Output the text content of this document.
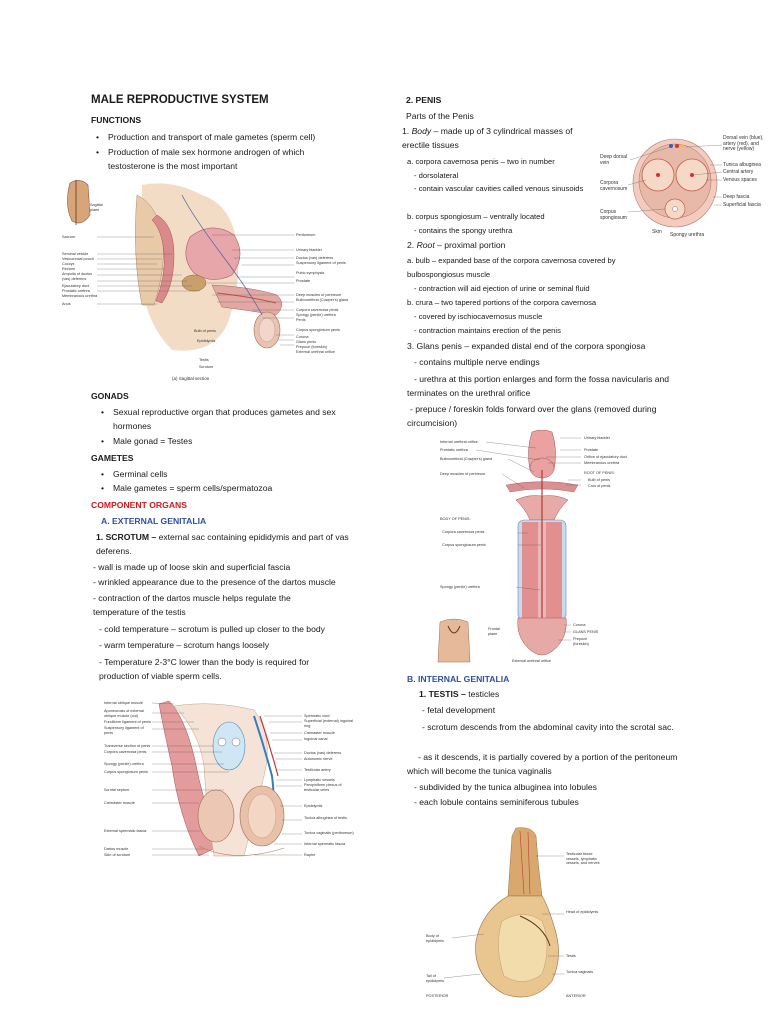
MALE REPRODUCTIVE SYSTEM
FUNCTIONS
• Production and transport of male gametes (sperm cell)
• Production of male sex hormone androgen of which testosterone is the most important
Sagittal plane
Sacrum
Seminal vesicle
Vesicorectal pouch
Coccyx
Rectum
Ampulla of ductus (vas) deferens
Ejaculatory duct
Prostatic urethra
Membranous urethra
Anus
Peritoneum
Urinary bladder
Ductus (vas) deferens
Suspensory ligament of penis
Pubic symphysis
Prostate
Deep muscles of perineum
Bulbourethral (Cowper's) gland
Corpora cavernosa penis
Spongy (penile) urethra
Penis
Corpus spongiosum penis
Corona
Glans penis
Prepuce (foreskin)
External urethral orifice
Bulb of penis
Epididymis
Testis
Scrotum
(a) Sagittal section
GONADS
• Sexual reproductive organ that produces gametes and sex hormones
• Male gonad = Testes
GAMETES
• Germinal cells
• Male gametes = sperm cells/spermatozoa
COMPONENT ORGANS
A. EXTERNAL GENITALIA
1. SCROTUM – external sac containing epididymis and part of vas deferens.
- wall is made up of loose skin and superficial fascia
- wrinkled appearance due to the presence of the dartos muscle
- contraction of the dartos muscle helps regulate the temperature of the testis
- cold temperature – scrotum is pulled up closer to the body
- warm temperature – scrotum hangs loosely
- Temperature 2-3°C lower than the body is required for production of viable sperm cells.
Internal oblique muscle
Aponeurosis of external oblique muscle (cut)
Fundiform ligament of penis
Suspensory ligament of penis
Transverse section of penis
Corpora cavernosa penis
Spongy (penile) urethra
Corpus spongiosum penis
Scrotal septum
Cremaster muscle
External spermatic fascia
Dartos muscle
Skin of scrotum
Spermatic cord
Superficial (external) inguinal ring
Cremaster muscle
Inguinal canal
Ductus (vas) deferens
Autonomic nerve
Testicular artery
Lymphatic vessels
Pampiniform plexus of testicular veins
Epididymis
Tunica albuginea of testis
Tunica vaginalis (peritoneum)
Internal spermatic fascia
Raphe
2. PENIS
Parts of the Penis
1. Body – made up of 3 cylindrical masses of erectile tissues
a. corpora cavernosa penis – two in number
- dorsolateral
- contain vascular cavities called venous sinusoids
b. corpus spongiosum – ventrally located
- contains the spongy urethra
2. Root – proximal portion
a. bulb – expanded base of the corpora cavernosa covered by bulbospongiosus muscle
- contraction will aid ejection of urine or seminal fluid
b. crura – two tapered portions of the corpora cavernosa
- covered by ischiocavernosus muscle
- contraction maintains erection of the penis
3. Glans penis – expanded distal end of the corpora spongiosa
- contains multiple nerve endings
- urethra at this portion enlarges and form the fossa navicularis and terminates on the urethral orifice
- prepuce / foreskin folds forward over the glans (removed during circumcision)
Deep dorsal vein
Corpora cavernosum
Corpus spongiosum
Dorsal vein (blue), artery (red), and nerve (yellow)
Tunica albuginea
Central artery
Venous spaces
Deep fascia
Superficial fascia
Skin Spongy urethra
Internal urethral orifice
Prostatic urethra
Bulbourethral (Cowper's) gland
Deep muscles of perineum
BODY OF PENIS:
Corpora cavernosa penis
Corpus spongiosum penis
Spongy (penile) urethra
Frontal plane
Urinary bladder
Prostate
Orifice of ejaculatory duct
Membranous urethra
ROOT OF PENIS:
Bulb of penis
Crus of penis
Corona
GLANS PENIS
Prepuce (foreskin)
External urethral orifice
B. INTERNAL GENITALIA
1. TESTIS – testicles
- fetal development
- scrotum descends from the abdominal cavity into the scrotal sac.
- as it descends, it is partially covered by a portion of the peritoneum which will become the tunica vaginalis
- subdivided by the tunica albuginea into lobules
- each lobule contains seminiferous tubules
Testicular blood vessels, lymphatic vessels, and nerves
Head of epididymis
Testis
Tunica vaginalis
Body of epididymis
Tail of epididymis
POSTERIOR	ANTERIOR
